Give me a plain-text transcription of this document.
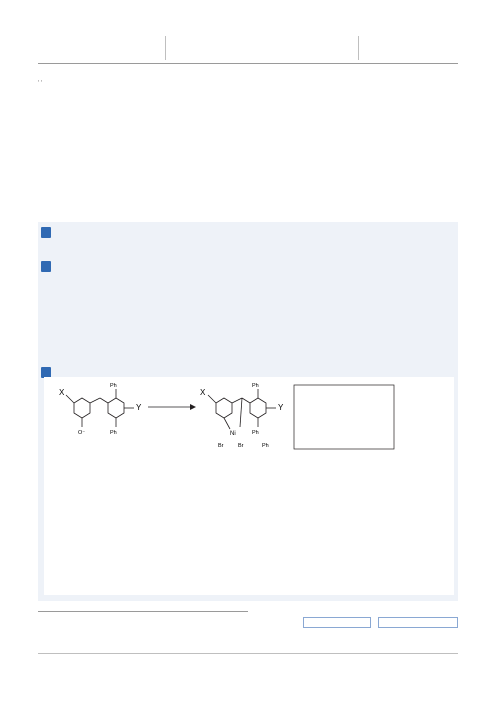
, ,
X
Y
Ph
Ph
O⁻
X
Y
Ph
Ph
Ni
Br	Br	Ph
